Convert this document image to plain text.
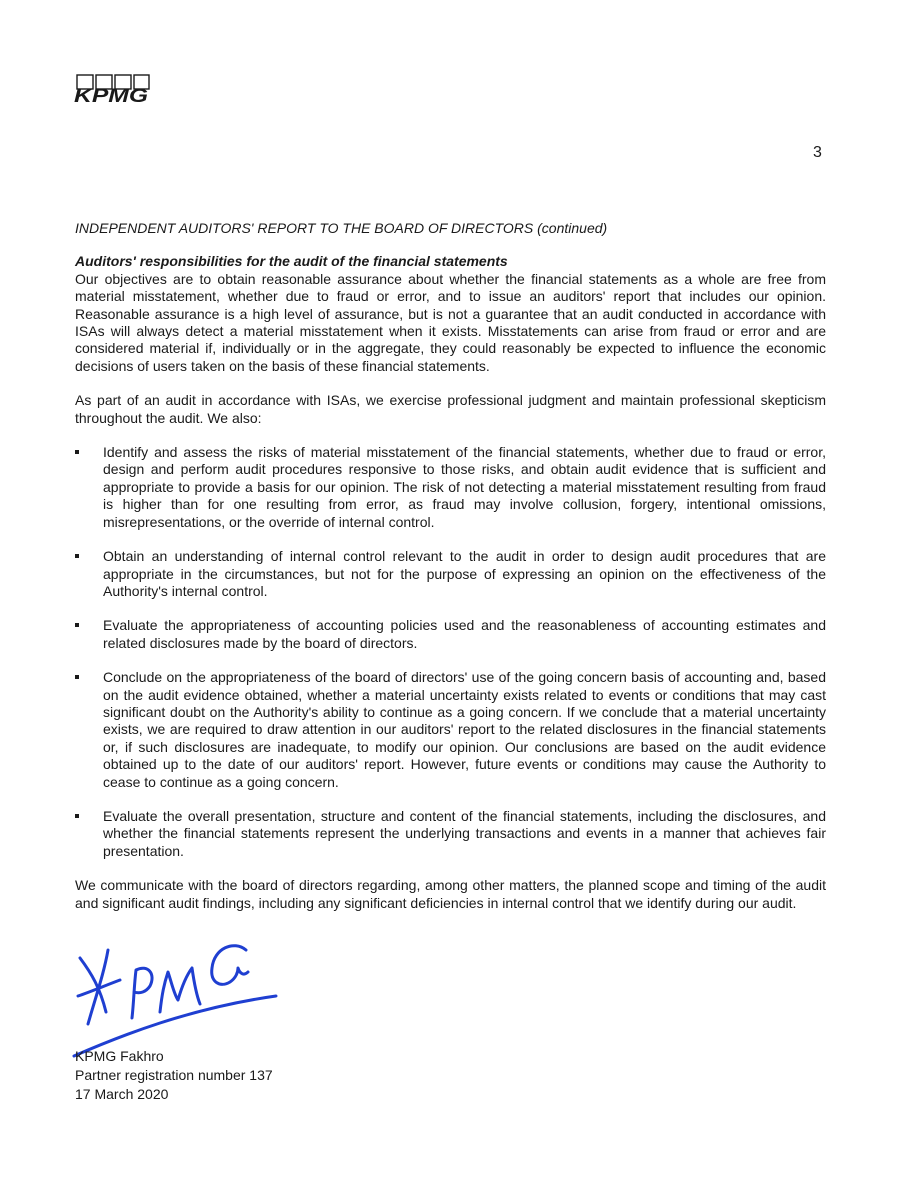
KPMG
3

INDEPENDENT AUDITORS' REPORT TO THE BOARD OF DIRECTORS (continued)

Auditors' responsibilities for the audit of the financial statements

Our objectives are to obtain reasonable assurance about whether the financial statements as a whole are free from material misstatement, whether due to fraud or error, and to issue an auditors' report that includes our opinion. Reasonable assurance is a high level of assurance, but is not a guarantee that an audit conducted in accordance with ISAs will always detect a material misstatement when it exists. Misstatements can arise from fraud or error and are considered material if, individually or in the aggregate, they could reasonably be expected to influence the economic decisions of users taken on the basis of these financial statements.

As part of an audit in accordance with ISAs, we exercise professional judgment and maintain professional skepticism throughout the audit. We also:

Identify and assess the risks of material misstatement of the financial statements, whether due to fraud or error, design and perform audit procedures responsive to those risks, and obtain audit evidence that is sufficient and appropriate to provide a basis for our opinion. The risk of not detecting a material misstatement resulting from fraud is higher than for one resulting from error, as fraud may involve collusion, forgery, intentional omissions, misrepresentations, or the override of internal control.
Obtain an understanding of internal control relevant to the audit in order to design audit procedures that are appropriate in the circumstances, but not for the purpose of expressing an opinion on the effectiveness of the Authority's internal control.
Evaluate the appropriateness of accounting policies used and the reasonableness of accounting estimates and related disclosures made by the board of directors.
Conclude on the appropriateness of the board of directors' use of the going concern basis of accounting and, based on the audit evidence obtained, whether a material uncertainty exists related to events or conditions that may cast significant doubt on the Authority's ability to continue as a going concern. If we conclude that a material uncertainty exists, we are required to draw attention in our auditors' report to the related disclosures in the financial statements or, if such disclosures are inadequate, to modify our opinion. Our conclusions are based on the audit evidence obtained up to the date of our auditors' report. However, future events or conditions may cause the Authority to cease to continue as a going concern.
Evaluate the overall presentation, structure and content of the financial statements, including the disclosures, and whether the financial statements represent the underlying transactions and events in a manner that achieves fair presentation.

We communicate with the board of directors regarding, among other matters, the planned scope and timing of the audit and significant audit findings, including any significant deficiencies in internal control that we identify during our audit.

KPMG Fakhro
Partner registration number 137
17 March 2020
